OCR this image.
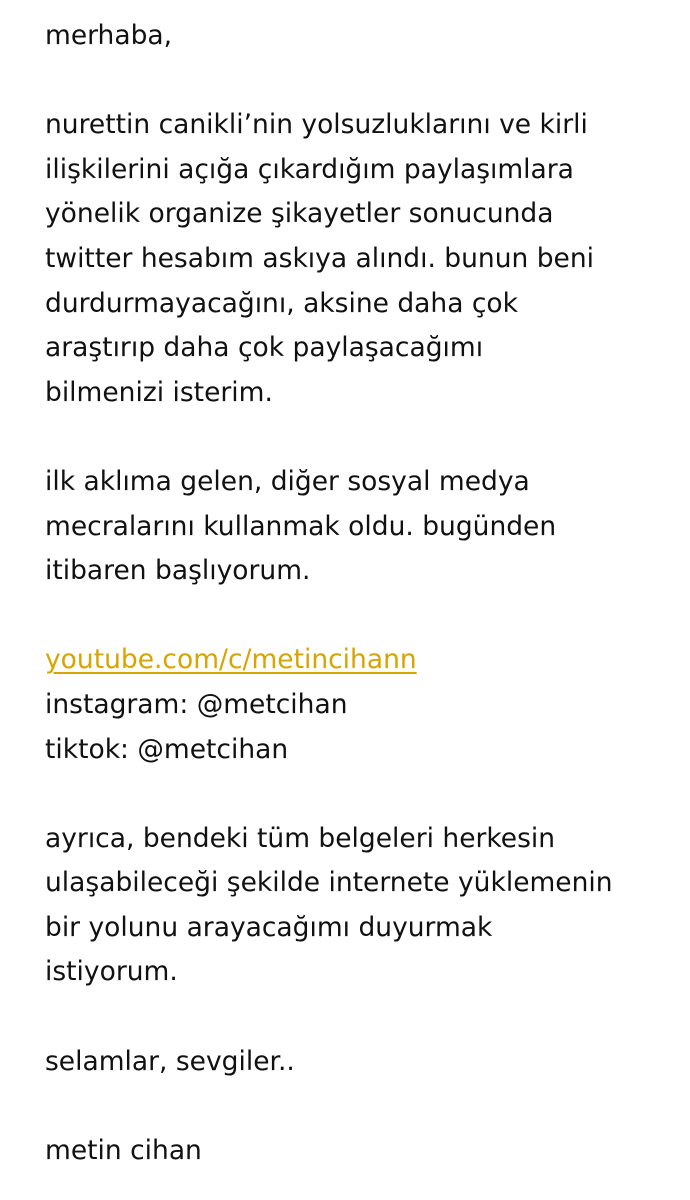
merhaba,
nurettin canikli’nin yolsuzluklarını ve kirli
ilişkilerini açığa çıkardığım paylaşımlara
yönelik organize şikayetler sonucunda
twitter hesabım askıya alındı. bunun beni
durdurmayacağını, aksine daha çok
araştırıp daha çok paylaşacağımı
bilmenizi isterim.
ilk aklıma gelen, diğer sosyal medya
mecralarını kullanmak oldu. bugünden
itibaren başlıyorum.
youtube.com/c/metincihann
instagram: @metcihan
tiktok: @metcihan
ayrıca, bendeki tüm belgeleri herkesin
ulaşabileceği şekilde internete yüklemenin
bir yolunu arayacağımı duyurmak
istiyorum.
selamlar, sevgiler..
metin cihan
